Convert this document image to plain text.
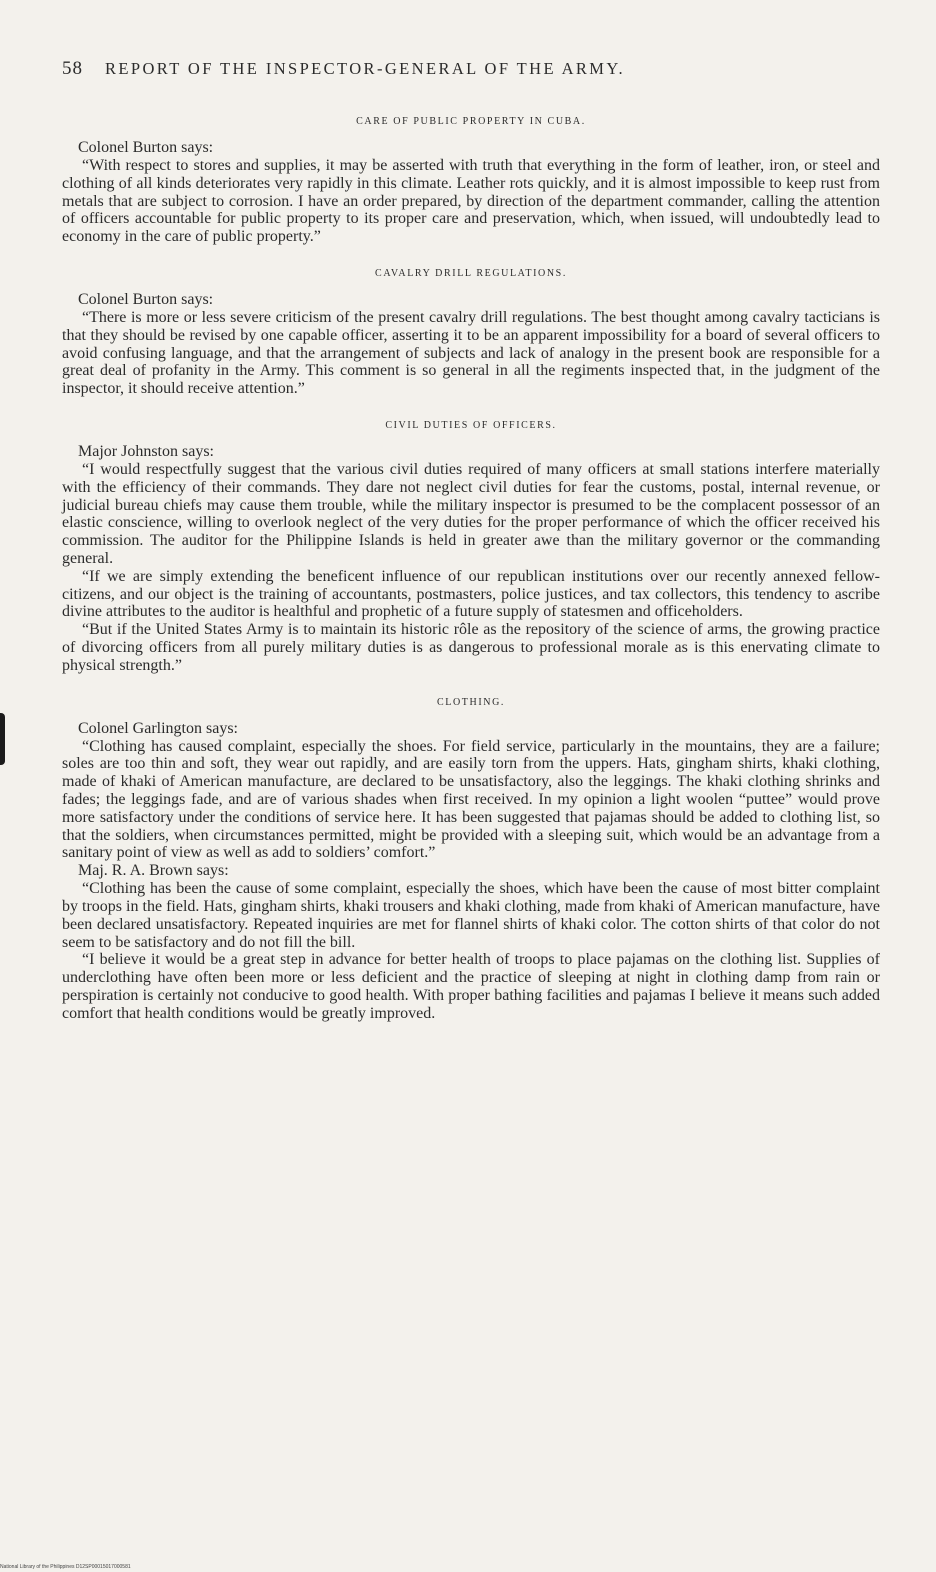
58 REPORT OF THE INSPECTOR-GENERAL OF THE ARMY.
CARE OF PUBLIC PROPERTY IN CUBA.
Colonel Burton says:

“With respect to stores and supplies, it may be asserted with truth that everything in the form of leather, iron, or steel and clothing of all kinds deteriorates very rapidly in this climate. Leather rots quickly, and it is almost impossible to keep rust from metals that are subject to corrosion. I have an order prepared, by direction of the department commander, calling the attention of officers accountable for public property to its proper care and preservation, which, when issued, will undoubtedly lead to economy in the care of public property.”

CAVALRY DRILL REGULATIONS.
Colonel Burton says:

“There is more or less severe criticism of the present cavalry drill regulations. The best thought among cavalry tacticians is that they should be revised by one capable officer, asserting it to be an apparent impossibility for a board of several officers to avoid confusing language, and that the arrangement of subjects and lack of analogy in the present book are responsible for a great deal of profanity in the Army. This comment is so general in all the regiments inspected that, in the judgment of the inspector, it should receive attention.”

CIVIL DUTIES OF OFFICERS.
Major Johnston says:

“I would respectfully suggest that the various civil duties required of many officers at small stations interfere materially with the efficiency of their commands. They dare not neglect civil duties for fear the customs, postal, internal revenue, or judicial bureau chiefs may cause them trouble, while the military inspector is presumed to be the complacent possessor of an elastic conscience, willing to overlook neglect of the very duties for the proper performance of which the officer received his commission. The auditor for the Philippine Islands is held in greater awe than the military governor or the commanding general.

“If we are simply extending the beneficent influence of our republican institutions over our recently annexed fellow-citizens, and our object is the training of accountants, postmasters, police justices, and tax collectors, this tendency to ascribe divine attributes to the auditor is healthful and prophetic of a future supply of statesmen and officeholders.

“But if the United States Army is to maintain its historic rôle as the repository of the science of arms, the growing practice of divorcing officers from all purely military duties is as dangerous to professional morale as is this enervating climate to physical strength.”

CLOTHING.
Colonel Garlington says:

“Clothing has caused complaint, especially the shoes. For field service, particularly in the mountains, they are a failure; soles are too thin and soft, they wear out rapidly, and are easily torn from the uppers. Hats, gingham shirts, khaki clothing, made of khaki of American manufacture, are declared to be unsatisfactory, also the leggings. The khaki clothing shrinks and fades; the leggings fade, and are of various shades when first received. In my opinion a light woolen “puttee” would prove more satisfactory under the conditions of service here. It has been suggested that pajamas should be added to clothing list, so that the soldiers, when circumstances permitted, might be provided with a sleeping suit, which would be an advantage from a sanitary point of view as well as add to soldiers’ comfort.”

Maj. R. A. Brown says:

“Clothing has been the cause of some complaint, especially the shoes, which have been the cause of most bitter complaint by troops in the field. Hats, gingham shirts, khaki trousers and khaki clothing, made from khaki of American manufacture, have been declared unsatisfactory. Repeated inquiries are met for flannel shirts of khaki color. The cotton shirts of that color do not seem to be satisfactory and do not fill the bill.

“I believe it would be a great step in advance for better health of troops to place pajamas on the clothing list. Supplies of underclothing have often been more or less deficient and the practice of sleeping at night in clothing damp from rain or perspiration is certainly not conducive to good health. With proper bathing facilities and pajamas I believe it means such added comfort that health conditions would be greatly improved.

National Library of the Philippines D12SP00015017000581
